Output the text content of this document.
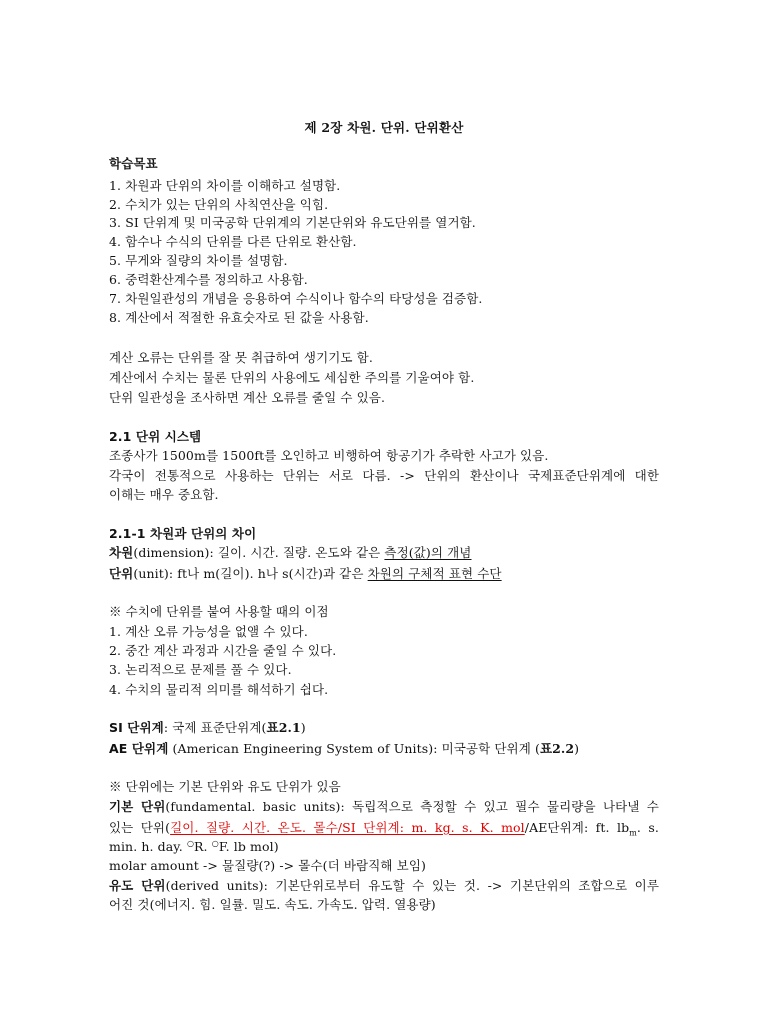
제 2장 차원. 단위. 단위환산
학습목표
1. 차원과 단위의 차이를 이해하고 설명함.
2. 수치가 있는 단위의 사칙연산을 익힘.
3. SI 단위계 및 미국공학 단위계의 기본단위와 유도단위를 열거함.
4. 함수나 수식의 단위를 다른 단위로 환산함.
5. 무게와 질량의 차이를 설명함.
6. 중력환산계수를 정의하고 사용함.
7. 차원일관성의 개념을 응용하여 수식이나 함수의 타당성을 검증함.
8. 계산에서 적절한 유효숫자로 된 값을 사용함.
계산 오류는 단위를 잘 못 취급하여 생기기도 함.
계산에서 수치는 물론 단위의 사용에도 세심한 주의를 기울여야 함.
단위 일관성을 조사하면 계산 오류를 줄일 수 있음.
2.1 단위 시스템
조종사가 1500m를 1500ft를 오인하고 비행하여 항공기가 추락한 사고가 있음.
각국이 전통적으로 사용하는 단위는 서로 다름. -> 단위의 환산이나 국제표준단위계에 대한
이해는 매우 중요함.
2.1-1 차원과 단위의 차이
차원(dimension): 길이. 시간. 질량. 온도와 같은 측정(값)의 개념
단위(unit): ft나 m(길이). h나 s(시간)과 같은 차원의 구체적 표현 수단
※ 수치에 단위를 붙여 사용할 때의 이점
1. 계산 오류 가능성을 없앨 수 있다.
2. 중간 계산 과정과 시간을 줄일 수 있다.
3. 논리적으로 문제를 풀 수 있다.
4. 수치의 물리적 의미를 해석하기 쉽다.
SI 단위계: 국제 표준단위계(표2.1)
AE 단위계 (American Engineering System of Units): 미국공학 단위계 (표2.2)
※ 단위에는 기본 단위와 유도 단위가 있음
기본 단위(fundamental. basic units): 독립적으로 측정할 수 있고 필수 물리량을 나타낼 수
있는 단위(길이. 질량. 시간. 온도. 몰수/SI 단위계: m. kg. s. K. mol/AE단위계: ft. $lb_m$. s.
min. h. day. ○R. ○F. lb mol)
molar amount -> 물질량(?) -> 몰수(더 바람직해 보임)
유도 단위(derived units): 기본단위로부터 유도할 수 있는 것. -> 기본단위의 조합으로 이루
어진 것(에너지. 힘. 일률. 밀도. 속도. 가속도. 압력. 열용량)
